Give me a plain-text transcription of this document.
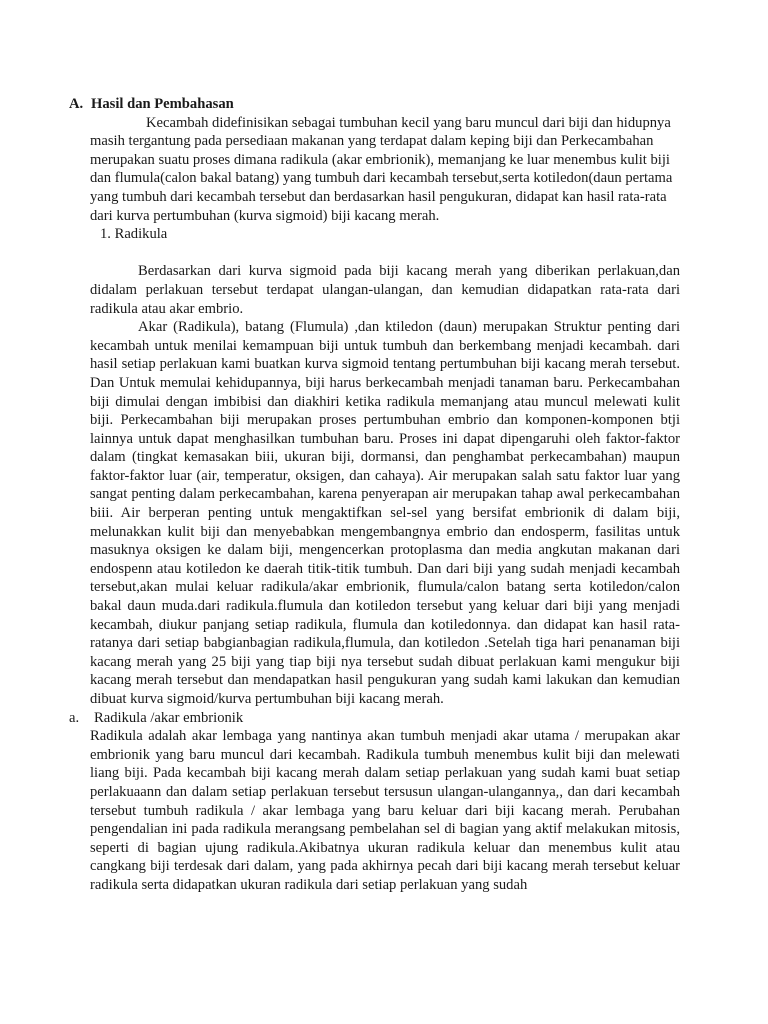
A. Hasil dan Pembahasan

Kecambah didefinisikan sebagai tumbuhan kecil yang baru muncul dari biji dan hidupnya masih tergantung pada persediaan makanan yang terdapat dalam keping biji dan Perkecambahan merupakan suatu proses dimana radikula (akar embrionik), memanjang ke luar menembus kulit biji dan flumula(calon bakal batang) yang tumbuh dari kecambah tersebut,serta kotiledon(daun pertama yang tumbuh dari kecambah tersebut dan berdasarkan hasil pengukuran, didapat kan hasil rata-rata dari kurva pertumbuhan (kurva sigmoid) biji kacang merah.

1. Radikula

Berdasarkan dari kurva sigmoid pada biji kacang merah yang diberikan perlakuan,dan didalam perlakuan tersebut terdapat ulangan-ulangan, dan kemudian didapatkan rata-rata dari radikula atau akar embrio.

Akar (Radikula), batang (Flumula) ,dan ktiledon (daun) merupakan Struktur penting dari kecambah untuk menilai kemampuan biji untuk tumbuh dan berkembang menjadi kecambah. dari hasil setiap perlakuan kami buatkan kurva sigmoid tentang pertumbuhan biji kacang merah tersebut. Dan Untuk memulai kehidupannya, biji harus berkecambah menjadi tanaman baru. Perkecambahan biji dimulai dengan imbibisi dan diakhiri ketika radikula memanjang atau muncul melewati kulit biji. Perkecambahan biji merupakan proses pertumbuhan embrio dan komponen-komponen btji lainnya untuk dapat menghasilkan tumbuhan baru. Proses ini dapat dipengaruhi oleh faktor-faktor dalam (tingkat kemasakan biii, ukuran biji, dormansi, dan penghambat perkecambahan) maupun faktor-faktor luar (air, temperatur, oksigen, dan cahaya). Air merupakan salah satu faktor luar yang sangat penting dalam perkecambahan, karena penyerapan air merupakan tahap awal perkecambahan biii. Air berperan penting untuk mengaktifkan sel-sel yang bersifat embrionik di dalam biji, melunakkan kulit biji dan menyebabkan mengembangnya embrio dan endosperm, fasilitas untuk masuknya oksigen ke dalam biji, mengencerkan protoplasma dan media angkutan makanan dari endospenn atau kotiledon ke daerah titik-titik tumbuh. Dan dari biji yang sudah menjadi kecambah tersebut,akan mulai keluar radikula/akar embrionik, flumula/calon batang serta kotiledon/calon bakal daun muda.dari radikula.flumula dan kotiledon tersebut yang keluar dari biji yang menjadi kecambah, diukur panjang setiap radikula, flumula dan kotiledonnya. dan didapat kan hasil rata-ratanya dari setiap babgianbagian radikula,flumula, dan kotiledon .Setelah tiga hari penanaman biji kacang merah yang 25 biji yang tiap biji nya tersebut sudah dibuat perlakuan kami mengukur biji kacang merah tersebut dan mendapatkan hasil pengukuran yang sudah kami lakukan dan kemudian dibuat kurva sigmoid/kurva pertumbuhan biji kacang merah.

a. Radikula /akar embrionik

Radikula adalah akar lembaga yang nantinya akan tumbuh menjadi akar utama / merupakan akar embrionik yang baru muncul dari kecambah. Radikula tumbuh menembus kulit biji dan melewati liang biji. Pada kecambah biji kacang merah dalam setiap perlakuan yang sudah kami buat setiap perlakuaann dan dalam setiap perlakuan tersebut tersusun ulangan-ulangannya,, dan dari kecambah tersebut tumbuh radikula / akar lembaga yang baru keluar dari biji kacang merah. Perubahan pengendalian ini pada radikula merangsang pembelahan sel di bagian yang aktif melakukan mitosis, seperti di bagian ujung radikula.Akibatnya ukuran radikula keluar dan menembus kulit atau cangkang biji terdesak dari dalam, yang pada akhirnya pecah dari biji kacang merah tersebut keluar radikula serta didapatkan ukuran radikula dari setiap perlakuan yang sudah
